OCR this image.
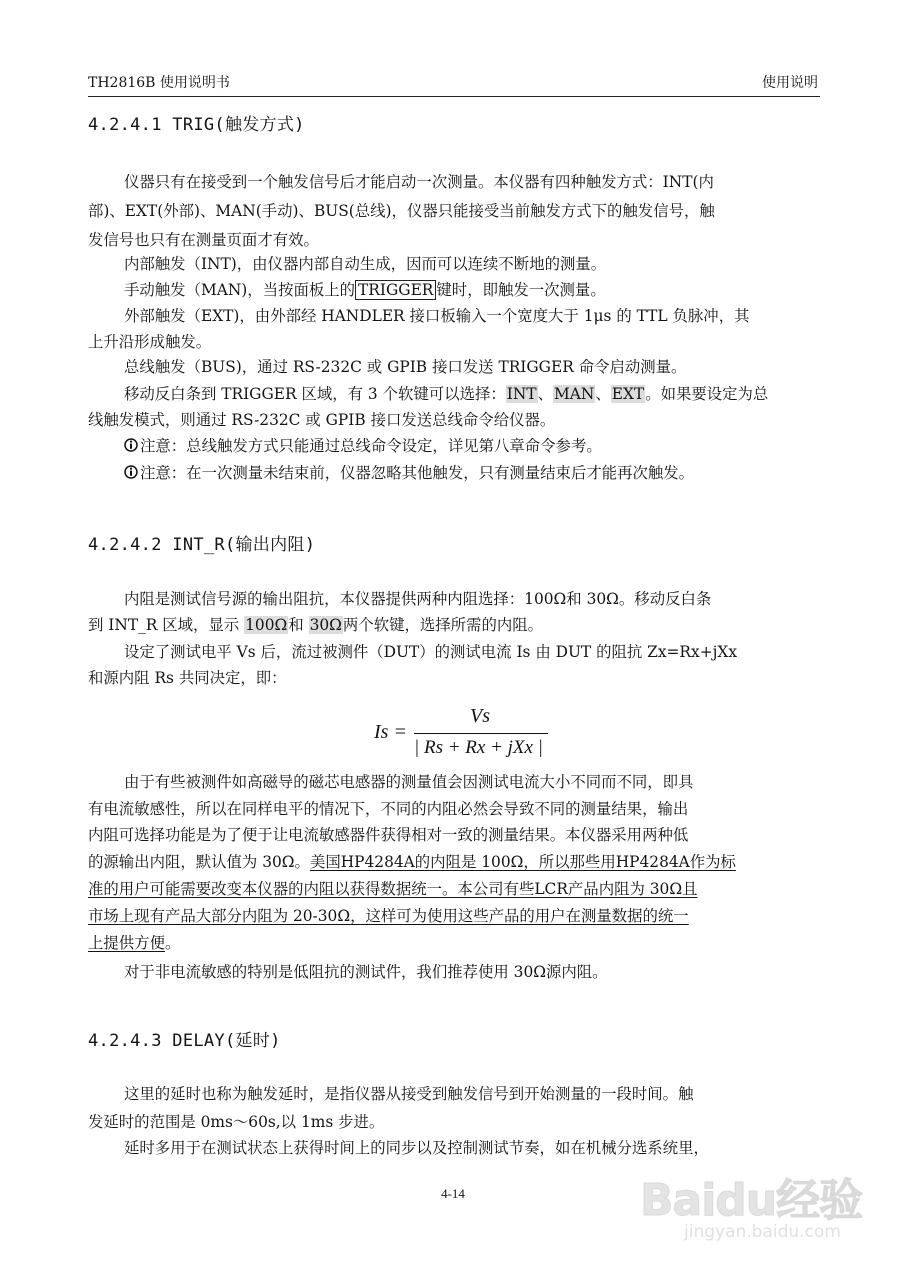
TH2816B 使用说明书	使用说明
4.2.4.1 TRIG(触发方式)
仪器只有在接受到一个触发信号后才能启动一次测量。本仪器有四种触发方式：INT(内
部)、EXT(外部)、MAN(手动)、BUS(总线)，仪器只能接受当前触发方式下的触发信号，触
发信号也只有在测量页面才有效。
内部触发（INT)，由仪器内部自动生成，因而可以连续不断地的测量。
手动触发（MAN)，当按面板上的 TRIGGER 键时，即触发一次测量。
外部触发（EXT)，由外部经 HANDLER 接口板输入一个宽度大于 1μs 的 TTL 负脉冲，其
上升沿形成触发。
总线触发（BUS)，通过 RS-232C 或 GPIB 接口发送 TRIGGER 命令启动测量。
移动反白条到 TRIGGER 区域，有 3 个软键可以选择：INT、MAN、EXT。如果要设定为总
线触发模式，则通过 RS-232C 或 GPIB 接口发送总线命令给仪器。
注意：总线触发方式只能通过总线命令设定，详见第八章命令参考。
注意：在一次测量未结束前，仪器忽略其他触发，只有测量结束后才能再次触发。
4.2.4.2 INT_R(输出内阻)
内阻是测试信号源的输出阻抗，本仪器提供两种内阻选择：100Ω和 30Ω。移动反白条
到 INT_R 区域，显示 100Ω和 30Ω两个软键，选择所需的内阻。
设定了测试电平 Vs 后，流过被测件（DUT）的测试电流 Is 由 DUT 的阻抗 Zx=Rx+jXx
和源内阻 Rs 共同决定，即：
Is =
Vs
| Rs + Rx + jXx |
由于有些被测件如高磁导的磁芯电感器的测量值会因测试电流大小不同而不同，即具
有电流敏感性，所以在同样电平的情况下，不同的内阻必然会导致不同的测量结果，输出
内阻可选择功能是为了便于让电流敏感器件获得相对一致的测量结果。本仪器采用两种低
的源输出内阻，默认值为 30Ω。美国HP4284A的内阻是 100Ω，所以那些用HP4284A作为标
准的用户可能需要改变本仪器的内阻以获得数据统一。本公司有些LCR产品内阻为 30Ω且
市场上现有产品大部分内阻为 20-30Ω，这样可为使用这些产品的用户在测量数据的统一
上提供方便。
对于非电流敏感的特别是低阻抗的测试件，我们推荐使用 30Ω源内阻。
4.2.4.3 DELAY(延时)
这里的延时也称为触发延时，是指仪器从接受到触发信号到开始测量的一段时间。触
发延时的范围是 0ms～60s,以 1ms 步进。
延时多用于在测试状态上获得时间上的同步以及控制测试节奏，如在机械分选系统里，
4-14	Baidu经验
jingyan.baidu.com
